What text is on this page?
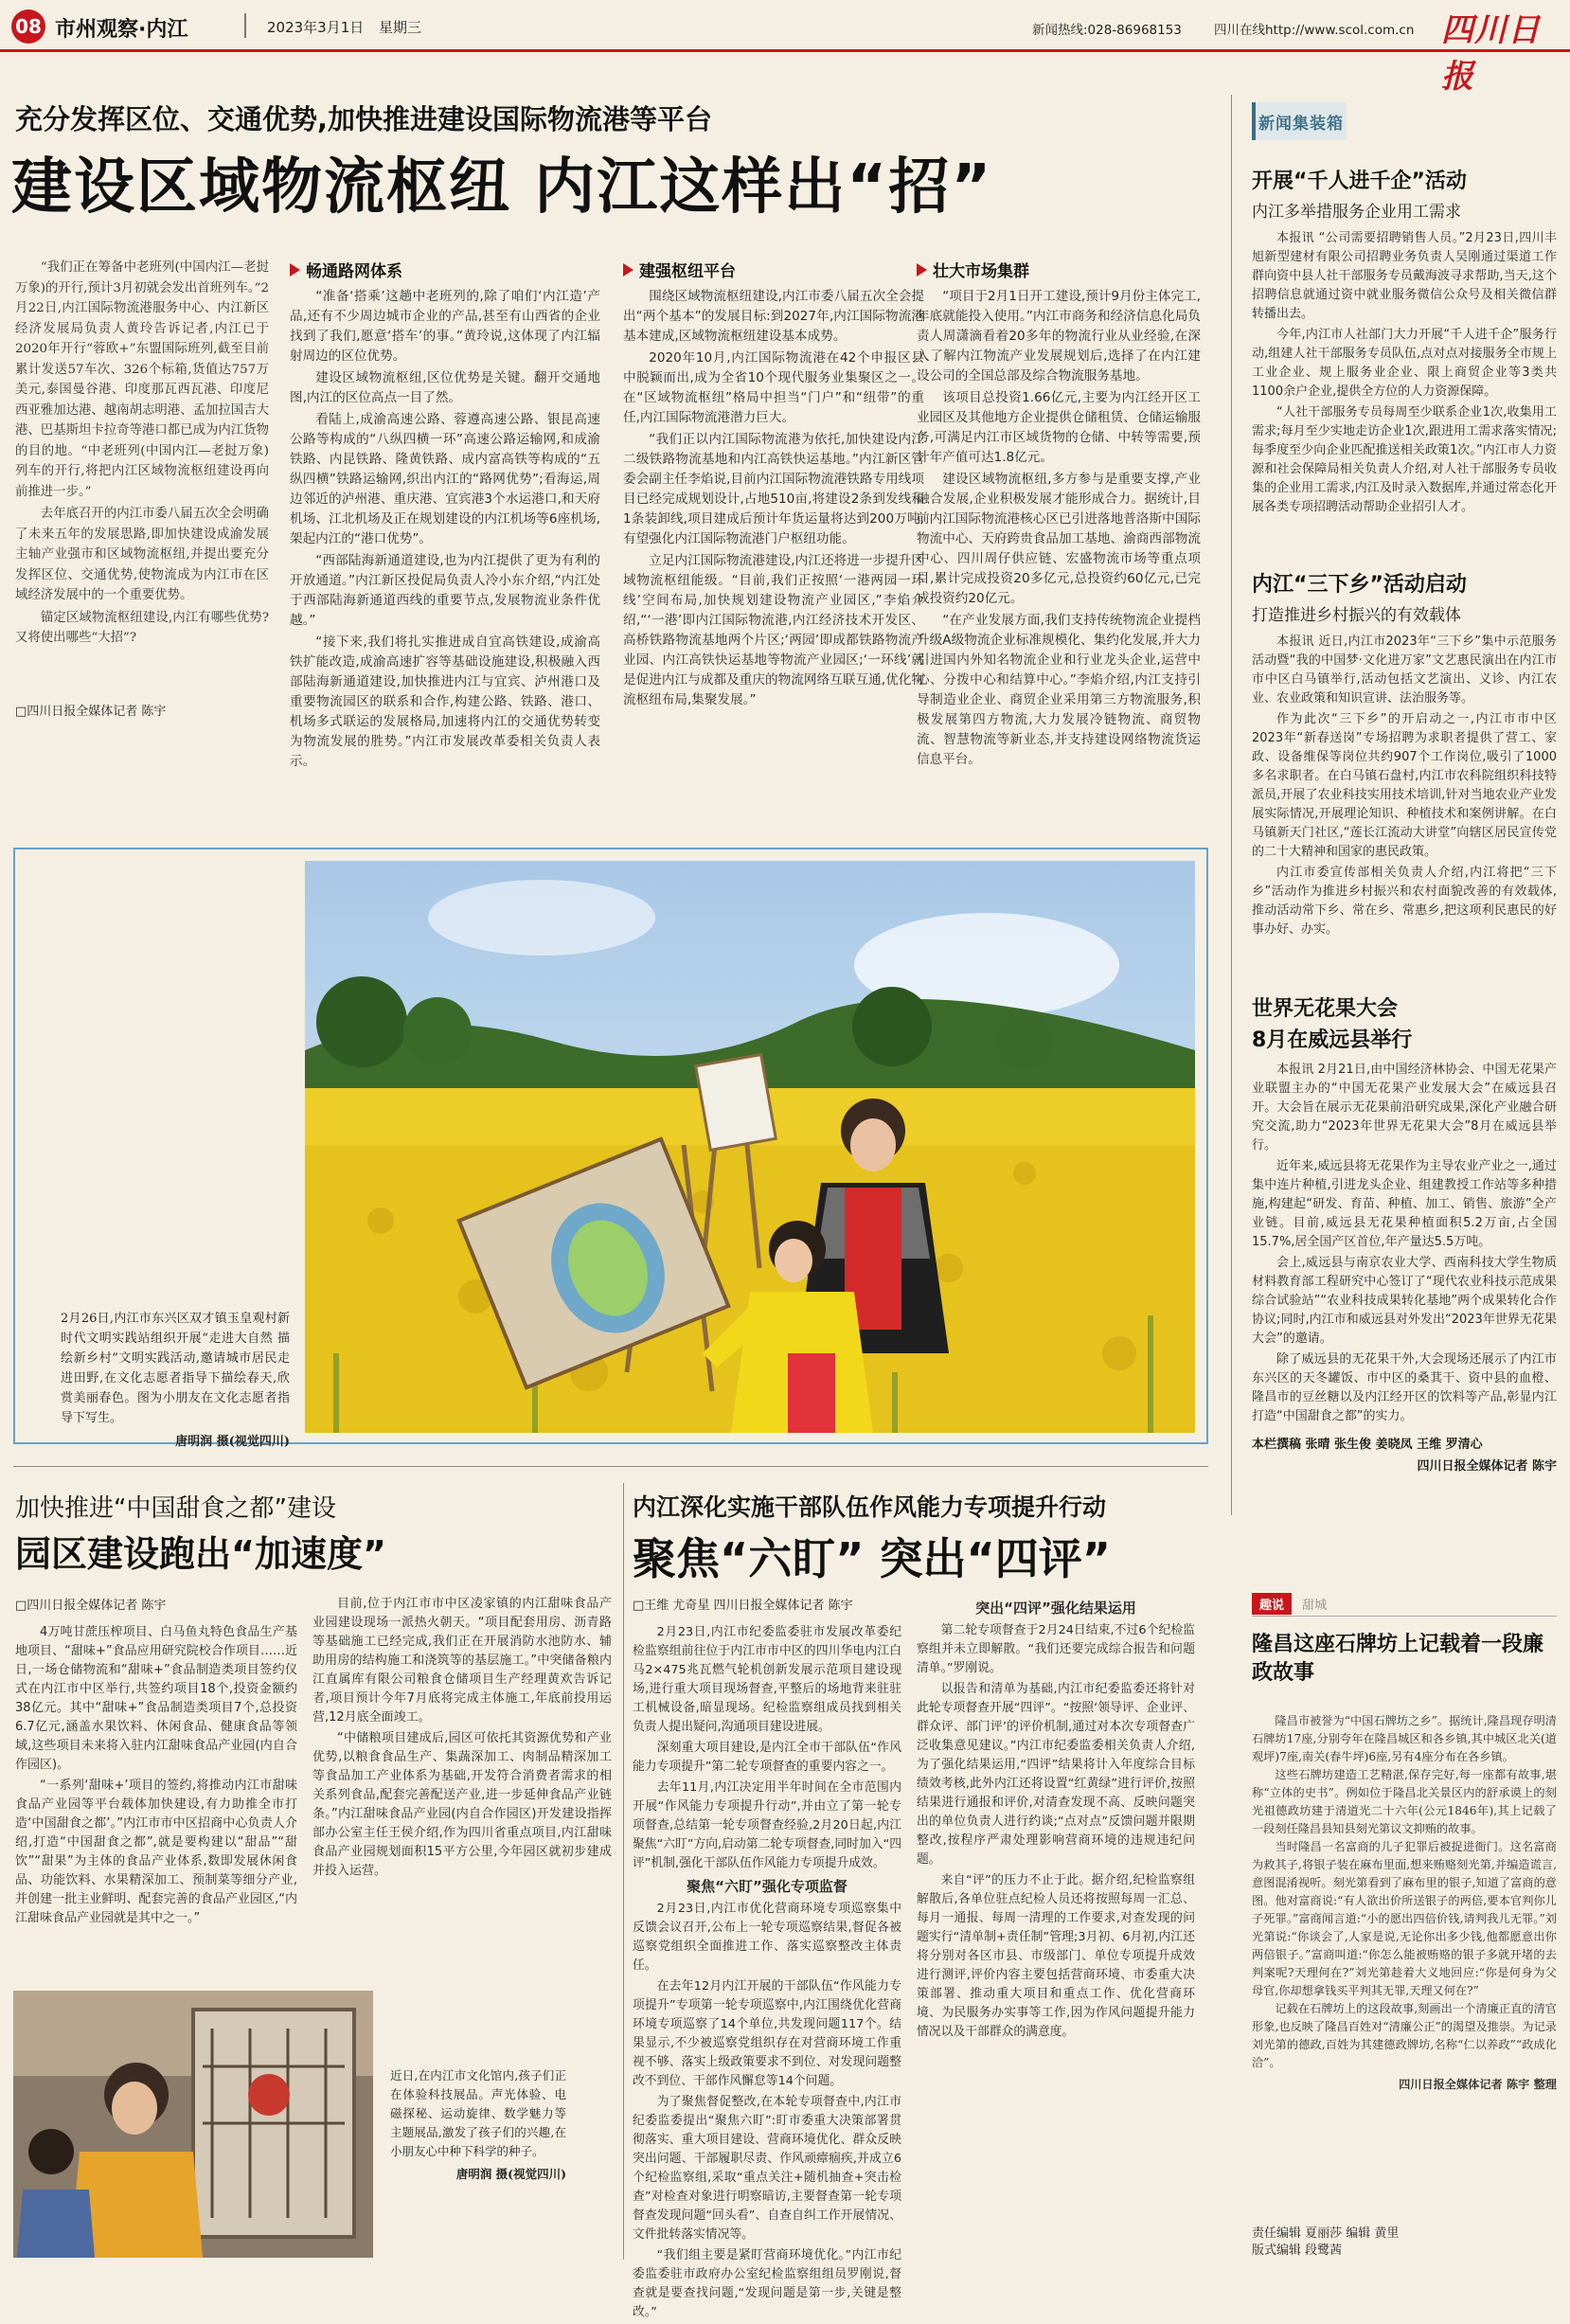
08 市州观察·内江	2023年3月1日 星期三	新闻热线:028-86968153	四川在线http://www.scol.com.cn 四川日报
充分发挥区位、交通优势,加快推进建设国际物流港等平台
建设区域物流枢纽 内江这样出“招”

“我们正在筹备中老班列(中国内江—老挝万象)的开行,预计3月初就会发出首班列车。”2月22日,内江国际物流港服务中心、内江新区经济发展局负责人黄玲告诉记者,内江已于2020年开行“蓉欧+”东盟国际班列,截至目前累计发送57车次、326个标箱,货值达757万美元,泰国曼谷港、印度那瓦西瓦港、印度尼西亚雅加达港、越南胡志明港、孟加拉国吉大港、巴基斯坦卡拉奇等港口都已成为内江货物的目的地。“中老班列(中国内江—老挝万象)列车的开行,将把内江区域物流枢纽建设再向前推进一步。”

去年底召开的内江市委八届五次全会明确了未来五年的发展思路,即加快建设成渝发展主轴产业强市和区域物流枢纽,并提出要充分发挥区位、交通优势,使物流成为内江市在区域经济发展中的一个重要优势。

锚定区域物流枢纽建设,内江有哪些优势?又将使出哪些“大招”?

□四川日报全媒体记者 陈宇
畅通路网体系

“准备‘搭乘’这趟中老班列的,除了咱们‘内江造’产品,还有不少周边城市企业的产品,甚至有山西省的企业找到了我们,愿意‘搭车’的事。”黄玲说,这体现了内江辐射周边的区位优势。

建设区域物流枢纽,区位优势是关键。翻开交通地图,内江的区位高点一目了然。

看陆上,成渝高速公路、蓉遵高速公路、银昆高速公路等构成的“八纵四横一环”高速公路运输网,和成渝铁路、内昆铁路、隆黄铁路、成内富高铁等构成的“五纵四横”铁路运输网,织出内江的“路网优势”;看海运,周边邻近的泸州港、重庆港、宜宾港3个水运港口,和天府机场、江北机场及正在规划建设的内江机场等6座机场,架起内江的“港口优势”。

“西部陆海新通道建设,也为内江提供了更为有利的开放通道。”内江新区投促局负责人冷小东介绍,“内江处于西部陆海新通道西线的重要节点,发展物流业条件优越。”

“接下来,我们将扎实推进成自宜高铁建设,成渝高铁扩能改造,成渝高速扩容等基础设施建设,积极融入西部陆海新通道建设,加快推进内江与宜宾、泸州港口及重要物流园区的联系和合作,构建公路、铁路、港口、机场多式联运的发展格局,加速将内江的交通优势转变为物流发展的胜势。”内江市发展改革委相关负责人表示。

建强枢纽平台

围绕区域物流枢纽建设,内江市委八届五次全会提出“两个基本”的发展目标:到2027年,内江国际物流港基本建成,区域物流枢纽建设基本成势。

2020年10月,内江国际物流港在42个申报区县中脱颖而出,成为全省10个现代服务业集聚区之一。在“区域物流枢纽”格局中担当“门户”和“纽带”的重任,内江国际物流港潜力巨大。

“我们正以内江国际物流港为依托,加快建设内江二级铁路物流基地和内江高铁快运基地。”内江新区管委会副主任李焰说,目前内江国际物流港铁路专用线项目已经完成规划设计,占地510亩,将建设2条到发线和1条装卸线,项目建成后预计年货运量将达到200万吨,有望强化内江国际物流港门户枢纽功能。

立足内江国际物流港建设,内江还将进一步提升区域物流枢纽能级。“目前,我们正按照‘一港两园一环线’空间布局,加快规划建设物流产业园区,”李焰介绍,“‘一港’即内江国际物流港,内江经济技术开发区、高桥铁路物流基地两个片区;‘两园’即成都铁路物流产业园、内江高铁快运基地等物流产业园区;‘一环线’就是促进内江与成都及重庆的物流网络互联互通,优化物流枢纽布局,集聚发展。”

壮大市场集群

“项目于2月1日开工建设,预计9月份主体完工,年底就能投入使用。”内江市商务和经济信息化局负责人周潇滴看着20多年的物流行业从业经验,在深入了解内江物流产业发展规划后,选择了在内江建设公司的全国总部及综合物流服务基地。

该项目总投资1.66亿元,主要为内江经开区工业园区及其他地方企业提供仓储租赁、仓储运输服务,可满足内江市区域货物的仓储、中转等需要,预计年产值可达1.8亿元。

建设区域物流枢纽,多方参与是重要支撑,产业融合发展,企业积极发展才能形成合力。据统计,目前内江国际物流港核心区已引进落地普洛斯中国际物流中心、天府跨贵食品加工基地、渝商西部物流中心、四川周仔供应链、宏盛物流市场等重点项目,累计完成投资20多亿元,总投资约60亿元,已完成投资约20亿元。

“在产业发展方面,我们支持传统物流企业提档升级A级物流企业标准规模化、集约化发展,并大力引进国内外知名物流企业和行业龙头企业,运营中心、分拨中心和结算中心。”李焰介绍,内江支持引导制造业企业、商贸企业采用第三方物流服务,积极发展第四方物流,大力发展冷链物流、商贸物流、智慧物流等新业态,并支持建设网络物流货运信息平台。

2月26日,内江市东兴区双才镇玉皇观村新时代文明实践站组织开展“走进大自然 描绘新乡村”文明实践活动,邀请城市居民走进田野,在文化志愿者指导下描绘春天,欣赏美丽春色。图为小朋友在文化志愿者指导下写生。
唐明润 摄(视觉四川)
新闻集装箱
开展“千人进千企”活动
内江多举措服务企业用工需求

本报讯 “公司需要招聘销售人员。”2月23日,四川丰旭新型建材有限公司招聘业务负责人吴刚通过渠道工作群向资中县人社干部服务专员戴海波寻求帮助,当天,这个招聘信息就通过资中就业服务微信公众号及相关微信群转播出去。

今年,内江市人社部门大力开展“千人进千企”服务行动,组建人社干部服务专员队伍,点对点对接服务全市规上工业企业、规上服务业企业、限上商贸企业等3类共1100余户企业,提供全方位的人力资源保障。

“人社干部服务专员每周至少联系企业1次,收集用工需求;每月至少实地走访企业1次,跟进用工需求落实情况;每季度至少向企业匹配推送相关政策1次。”内江市人力资源和社会保障局相关负责人介绍,对人社干部服务专员收集的企业用工需求,内江及时录入数据库,并通过常态化开展各类专项招聘活动帮助企业招引人才。

内江“三下乡”活动启动
打造推进乡村振兴的有效载体

本报讯 近日,内江市2023年“三下乡”集中示范服务活动暨“我的中国梦·文化进万家”文艺惠民演出在内江市市中区白马镇举行,活动包括文艺演出、义诊、内江农业、农业政策和知识宣讲、法治服务等。

作为此次“三下乡”的开启动之一,内江市市中区2023年“新春送岗”专场招聘为求职者提供了营工、家政、设备维保等岗位共约907个工作岗位,吸引了1000多名求职者。在白马镇石盘村,内江市农科院组织科技特派员,开展了农业科技实用技术培训,针对当地农业产业发展实际情况,开展理论知识、种植技术和案例讲解。在白马镇新天门社区,“莲长江流动大讲堂”向辖区居民宣传党的二十大精神和国家的惠民政策。

内江市委宣传部相关负责人介绍,内江将把“三下乡”活动作为推进乡村振兴和农村面貌改善的有效载体,推动活动常下乡、常在乡、常惠乡,把这项利民惠民的好事办好、办实。

世界无花果大会
8月在威远县举行

本报讯 2月21日,由中国经济林协会、中国无花果产业联盟主办的“中国无花果产业发展大会”在威远县召开。大会旨在展示无花果前沿研究成果,深化产业融合研究交流,助力“2023年世界无花果大会”8月在威远县举行。

近年来,威远县将无花果作为主导农业产业之一,通过集中连片种植,引进龙头企业、组建教授工作站等多种措施,构建起“研发、育苗、种植、加工、销售、旅游”全产业链。目前,威远县无花果种植面积5.2万亩,占全国15.7%,居全国产区首位,年产量达5.5万吨。

会上,威远县与南京农业大学、西南科技大学生物质材料教育部工程研究中心签订了“现代农业科技示范成果综合试验站”“农业科技成果转化基地”两个成果转化合作协议;同时,内江市和威远县对外发出“2023年世界无花果大会”的邀请。

除了威远县的无花果干外,大会现场还展示了内江市东兴区的天冬罐饭、市中区的桑萁干、资中县的血橙、隆昌市的豆丝糖以及内江经开区的饮料等产品,彰显内江打造“中国甜食之都”的实力。

本栏撰稿 张晴 张生俊 姜晓凤 王维 罗清心
四川日报全媒体记者 陈宇
加快推进“中国甜食之都”建设
园区建设跑出“加速度”
□四川日报全媒体记者 陈宇

4万吨甘蔗压榨项目、白马鱼丸特色食品生产基地项目、“甜味+”食品应用研究院校合作项目……近日,一场仓储物流和“甜味+”食品制造类项目签约仪式在内江市中区举行,共签约项目18个,投资金额约38亿元。其中“甜味+”食品制造类项目7个,总投资6.7亿元,涵盖水果饮料、休闲食品、健康食品等领域,这些项目未来将入驻内江甜味食品产业园(内自合作园区)。

“一系列‘甜味+’项目的签约,将推动内江市甜味食品产业园等平台载体加快建设,有力助推全市打造‘中国甜食之都’。”内江市市中区招商中心负责人介绍,打造“中国甜食之都”,就是要构建以“甜品”“甜饮”“甜果”为主体的食品产业体系,数即发展休闲食品、功能饮料、水果精深加工、预制菜等细分产业,并创建一批主业鲜明、配套完善的食品产业园区,“内江甜味食品产业园就是其中之一。”

目前,位于内江市市中区凌家镇的内江甜味食品产业园建设现场一派热火朝天。“项目配套用房、沥青路等基础施工已经完成,我们正在开展消防水池防水、辅助用房的结构施工和浇筑等的基层施工。”中突储备粮内江直属库有限公司粮食仓储项目生产经理黄欢告诉记者,项目预计今年7月底将完成主体施工,年底前投用运营,12月底全面竣工。

“中储粮项目建成后,园区可依托其资源优势和产业优势,以粮食食品生产、集蔬深加工、肉制品精深加工等食品加工产业体系为基础,开发符合消费者需求的相关系列食品,配套完善配送产业,进一步延伸食品产业链条。”内江甜味食品产业园(内自合作园区)开发建设指挥部办公室主任王侯介绍,作为四川省重点项目,内江甜味食品产业园规划面积15平方公里,今年园区就初步建成并投入运营。

近日,在内江市文化馆内,孩子们正在体验科技展品。声光体验、电磁探秘、运动旋律、数学魅力等主题展品,激发了孩子们的兴趣,在小朋友心中种下科学的种子。
唐明润 摄(视觉四川)
内江深化实施干部队伍作风能力专项提升行动
聚焦“六盯” 突出“四评”
□王维 尤奇星 四川日报全媒体记者 陈宇

2月23日,内江市纪委监委驻市发展改革委纪检监察组前往位于内江市市中区的四川华电内江白马2×475兆瓦燃气轮机创新发展示范项目建设现场,进行重大项目现场督查,平整后的场地背来驻驻工机械设备,暗显现场。纪检监察组成员找到相关负责人提出疑问,沟通项目建设进展。

深刻重大项目建设,是内江全市干部队伍“作风能力专项提升”第二轮专项督查的重要内容之一。

去年11月,内江决定用半年时间在全市范围内开展“作风能力专项提升行动”,并由立了第一轮专项督查,总结第一轮专项督查经验,2月20日起,内江聚焦“六盯”方向,启动第二轮专项督查,同时加入“四评”机制,强化干部队伍作风能力专项提升成效。

聚焦“六盯”强化专项监督

2月23日,内江市优化营商环境专项巡察集中反馈会议召开,公布上一轮专项巡察结果,督促各被巡察党组织全面推进工作、落实巡察整改主体责任。

在去年12月内江开展的干部队伍“作风能力专项提升”专项第一轮专项巡察中,内江围绕优化营商环境专项巡察了14个单位,共发现问题117个。结果显示,不少被巡察党组织存在对营商环境工作重视不够、落实上级政策要求不到位、对发现问题整改不到位、干部作风懈怠等14个问题。

为了聚焦督促整改,在本轮专项督查中,内江市纪委监委提出“聚焦六盯”:盯市委重大决策部署贯彻落实、重大项目建设、营商环境优化、群众反映突出问题、干部履职尽责、作风顽瘴痼疾,并成立6个纪检监察组,采取“重点关注+随机抽查+突击检查”对检查对象进行明察暗访,主要督查第一轮专项督查发现问题“回头看”、自查自纠工作开展情况、文件批转落实情况等。

“我们组主要是紧盯营商环境优化。”内江市纪委监委驻市政府办公室纪检监察组组员罗刚说,督查就是要查找问题,“发现问题是第一步,关键是整改。”

突出“四评”强化结果运用

第二轮专项督查于2月24日结束,不过6个纪检监察组并未立即解散。“我们还要完成综合报告和问题清单。”罗刚说。

以报告和清单为基础,内江市纪委监委还将针对此轮专项督查开展“四评”。“按照‘领导评、企业评、群众评、部门评’的评价机制,通过对本次专项督查广泛收集意见建议。”内江市纪委监委相关负责人介绍,为了强化结果运用,“四评”结果将计入年度综合目标绩效考核,此外内江还将设置“红黄绿”进行评价,按照结果进行通报和评价,对清查发现不高、反映问题突出的单位负责人进行约谈;“点对点”反馈问题并限期整改,按程序严肃处理影响营商环境的违规违纪问题。

来自“评”的压力不止于此。据介绍,纪检监察组解散后,各单位驻点纪检人员还将按照每周一汇总、每月一通报、每周一清理的工作要求,对查发现的问题实行“清单制+责任制”管理;3月初、6月初,内江还将分别对各区市县、市级部门、单位专项提升成效进行测评,评价内容主要包括营商环境、市委重大决策部署、推动重大项目和重点工作、优化营商环境、为民服务办实事等工作,因为作风问题提升能力情况以及干部群众的满意度。

趣说 甜城
隆昌这座石牌坊上记载着一段廉政故事

隆昌市被誉为“中国石牌坊之乡”。据统计,隆昌现存明清石牌坊17座,分别夸年在隆昌城区和各乡镇,其中城区北关(道观坪)7座,南关(春牛坪)6座,另有4座分布在各乡镇。

这些石牌坊建造工艺精湛,保存完好,每一座都有故事,堪称“立体的史书”。例如位于隆昌北关景区内的舒承谟上的刻光祖德政坊建于清道光二十六年(公元1846年),其上记载了一段刻任隆昌县知县刻光第议文抑贿的故事。

当时隆昌一名富商的儿子犯罪后被捉进衙门。这名富商为救其子,将银子装在麻布里面,想来贿赂刻光第,并编造谎言,意图混淆视听。刻光第看到了麻布里的银子,知道了富商的意图。他对富商说:“有人欲出价所送银子的两倍,要本官判你儿子死罪。”富商闻言道:“小的愿出四倍价钱,请判我儿无罪。”刘光第说:“你谈会了,人家是说,无论你出多少钱,他都愿意出你两倍银子。”富商叫道:“你怎么能被贿赂的银子多就开堵的去判案呢?天理何在?”刘光第趁着大义地回应:“你是何身为父母官,你却想拿钱买平判其无罪,天理又何在?”

记载在石牌坊上的这段故事,刻画出一个清廉正直的清官形象,也反映了隆昌百姓对“清廉公正”的渴望及推崇。为记录刘光第的德政,百姓为其建德政牌坊,名称“仁以养政”“政成化洽”。

四川日报全媒体记者 陈宇 整理
责任编辑 夏丽莎 编辑 黄里
版式编辑 段鹭茜
